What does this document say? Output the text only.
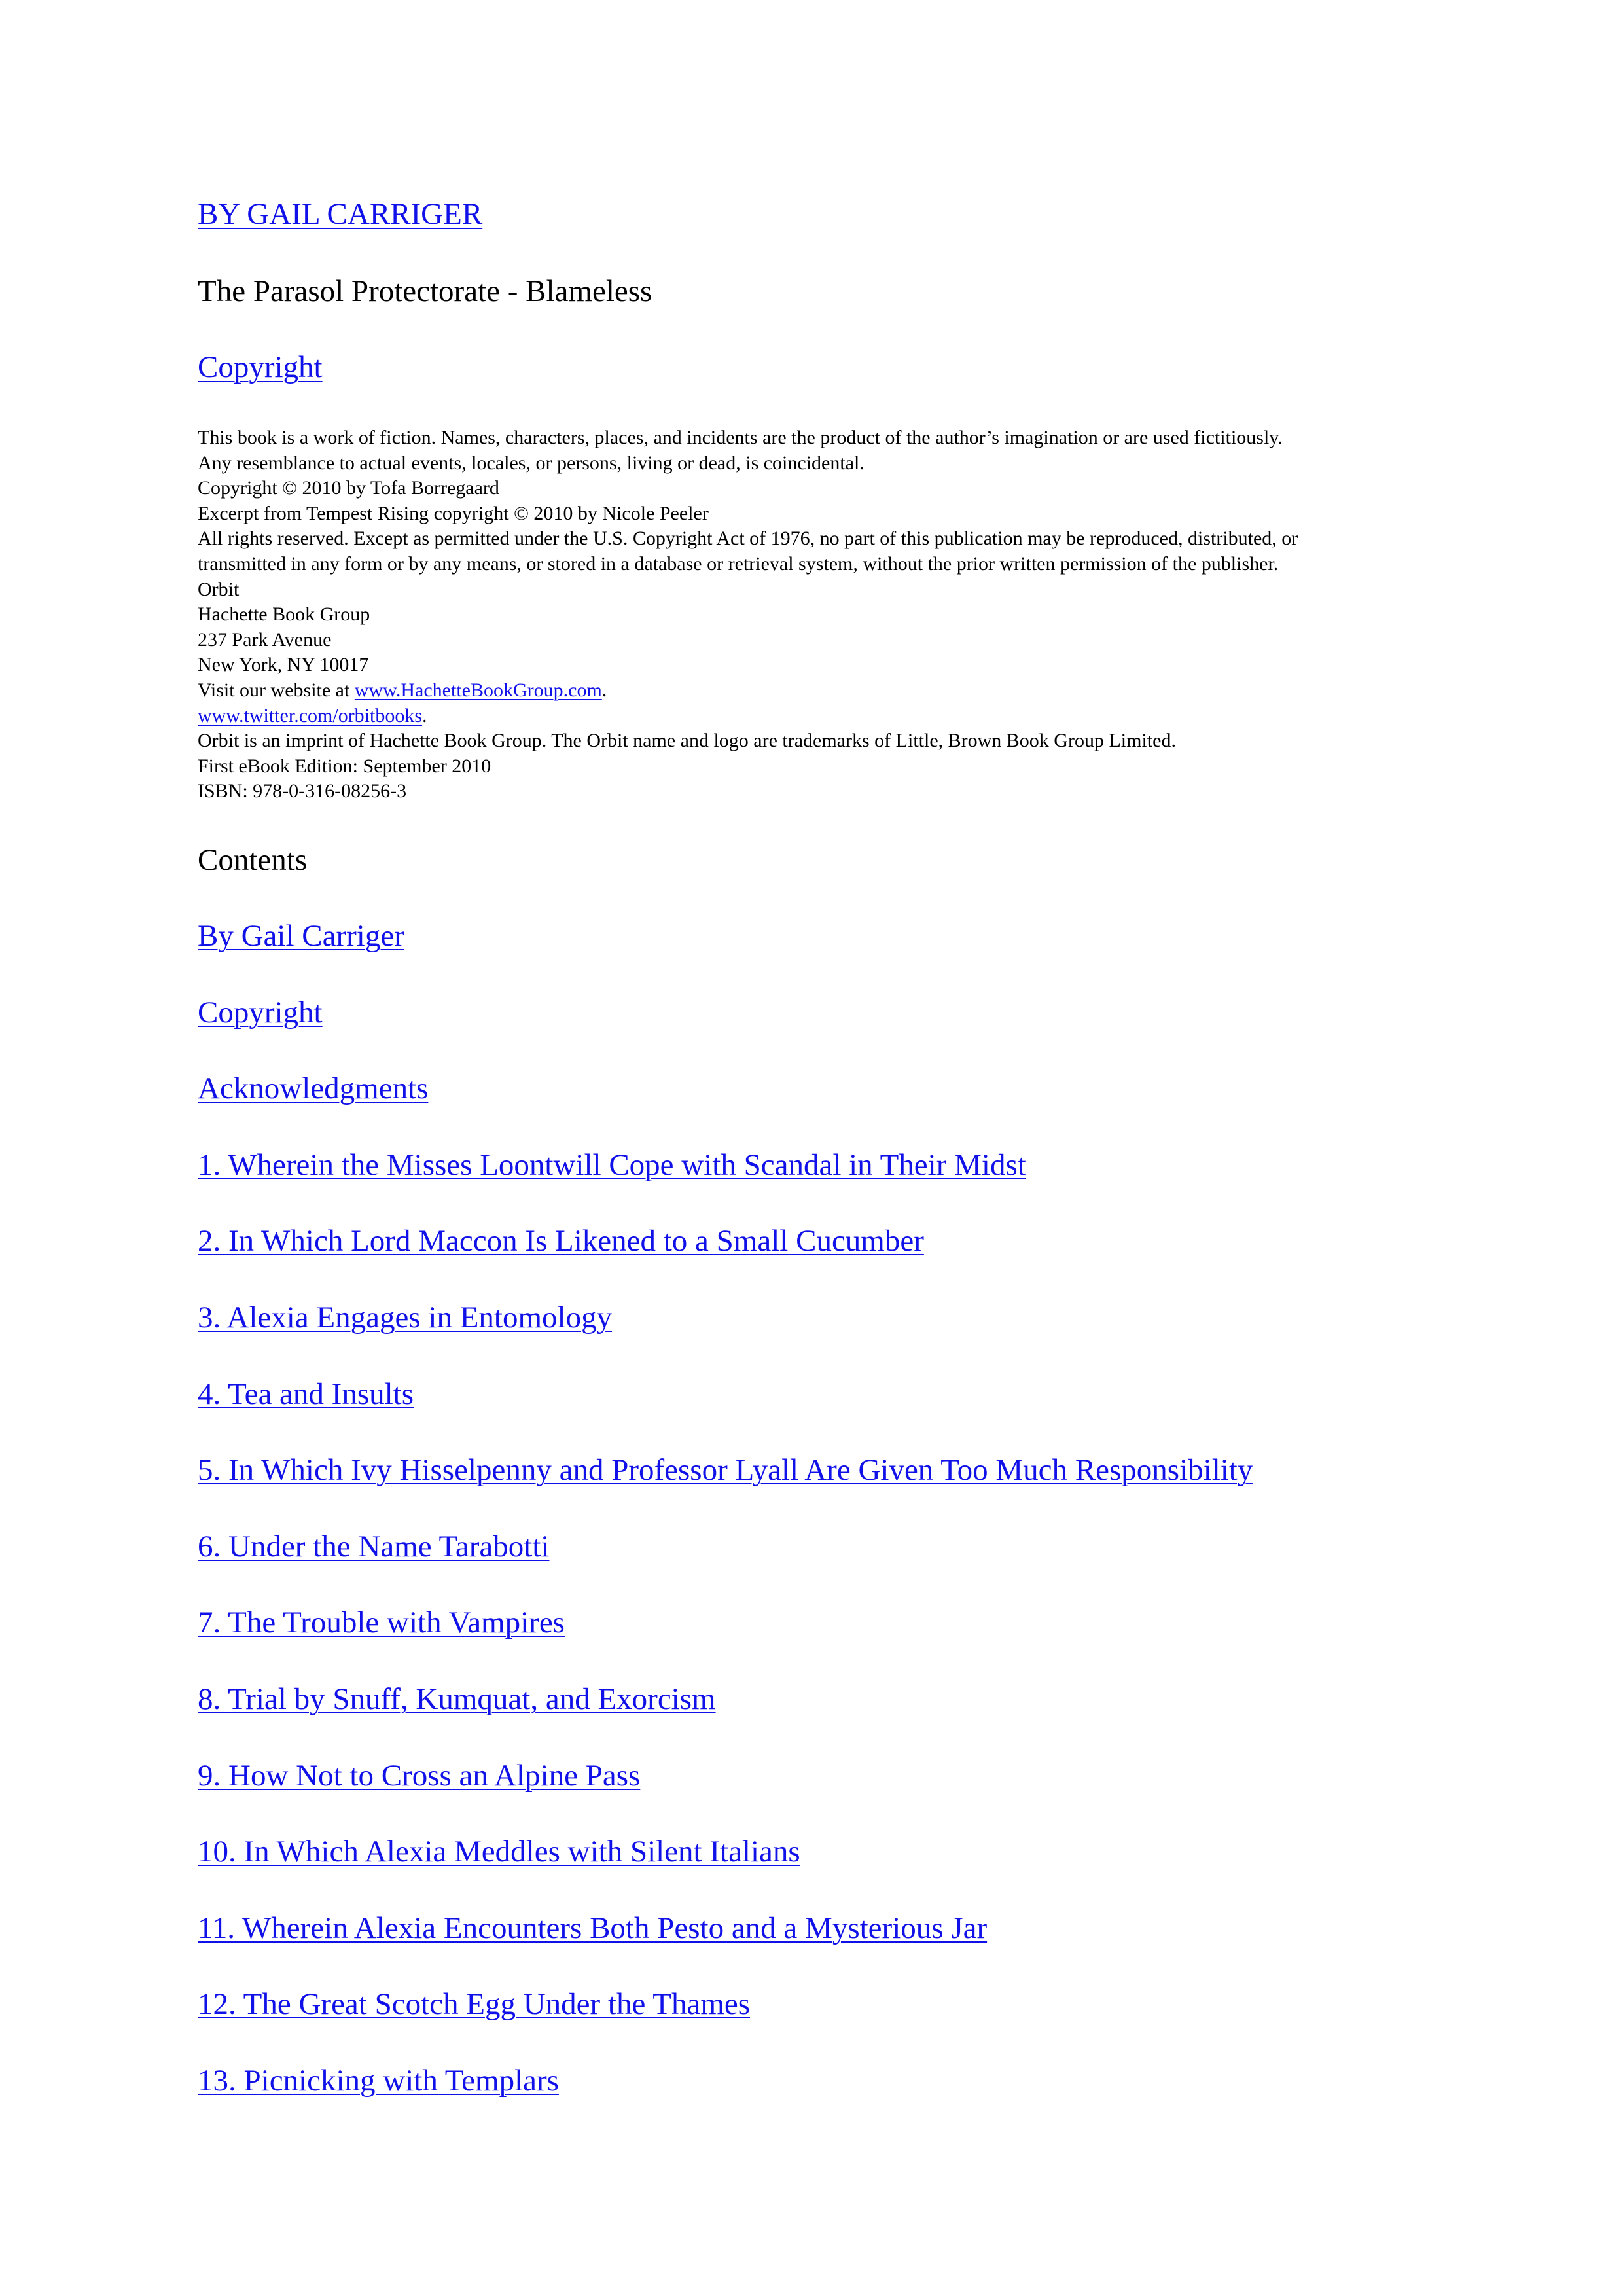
BY GAIL CARRIGER

The Parasol Protectorate - Blameless

Copyright

This book is a work of fiction. Names, characters, places, and incidents are the product of the author’s imagination or are used fictitiously.

Any resemblance to actual events, locales, or persons, living or dead, is coincidental.

Copyright © 2010 by Tofa Borregaard

Excerpt from Tempest Rising copyright © 2010 by Nicole Peeler

All rights reserved. Except as permitted under the U.S. Copyright Act of 1976, no part of this publication may be reproduced, distributed, or

transmitted in any form or by any means, or stored in a database or retrieval system, without the prior written permission of the publisher.

Orbit

Hachette Book Group

237 Park Avenue

New York, NY 10017

Visit our website at www.HachetteBookGroup.com.

www.twitter.com/orbitbooks.

Orbit is an imprint of Hachette Book Group. The Orbit name and logo are trademarks of Little, Brown Book Group Limited.

First eBook Edition: September 2010

ISBN: 978-0-316-08256-3

Contents

By Gail Carriger
Copyright
Acknowledgments
1. Wherein the Misses Loontwill Cope with Scandal in Their Midst
2. In Which Lord Maccon Is Likened to a Small Cucumber
3. Alexia Engages in Entomology
4. Tea and Insults
5. In Which Ivy Hisselpenny and Professor Lyall Are Given Too Much Responsibility
6. Under the Name Tarabotti
7. The Trouble with Vampires
8. Trial by Snuff, Kumquat, and Exorcism
9. How Not to Cross an Alpine Pass
10. In Which Alexia Meddles with Silent Italians
11. Wherein Alexia Encounters Both Pesto and a Mysterious Jar
12. The Great Scotch Egg Under the Thames
13. Picnicking with Templars
